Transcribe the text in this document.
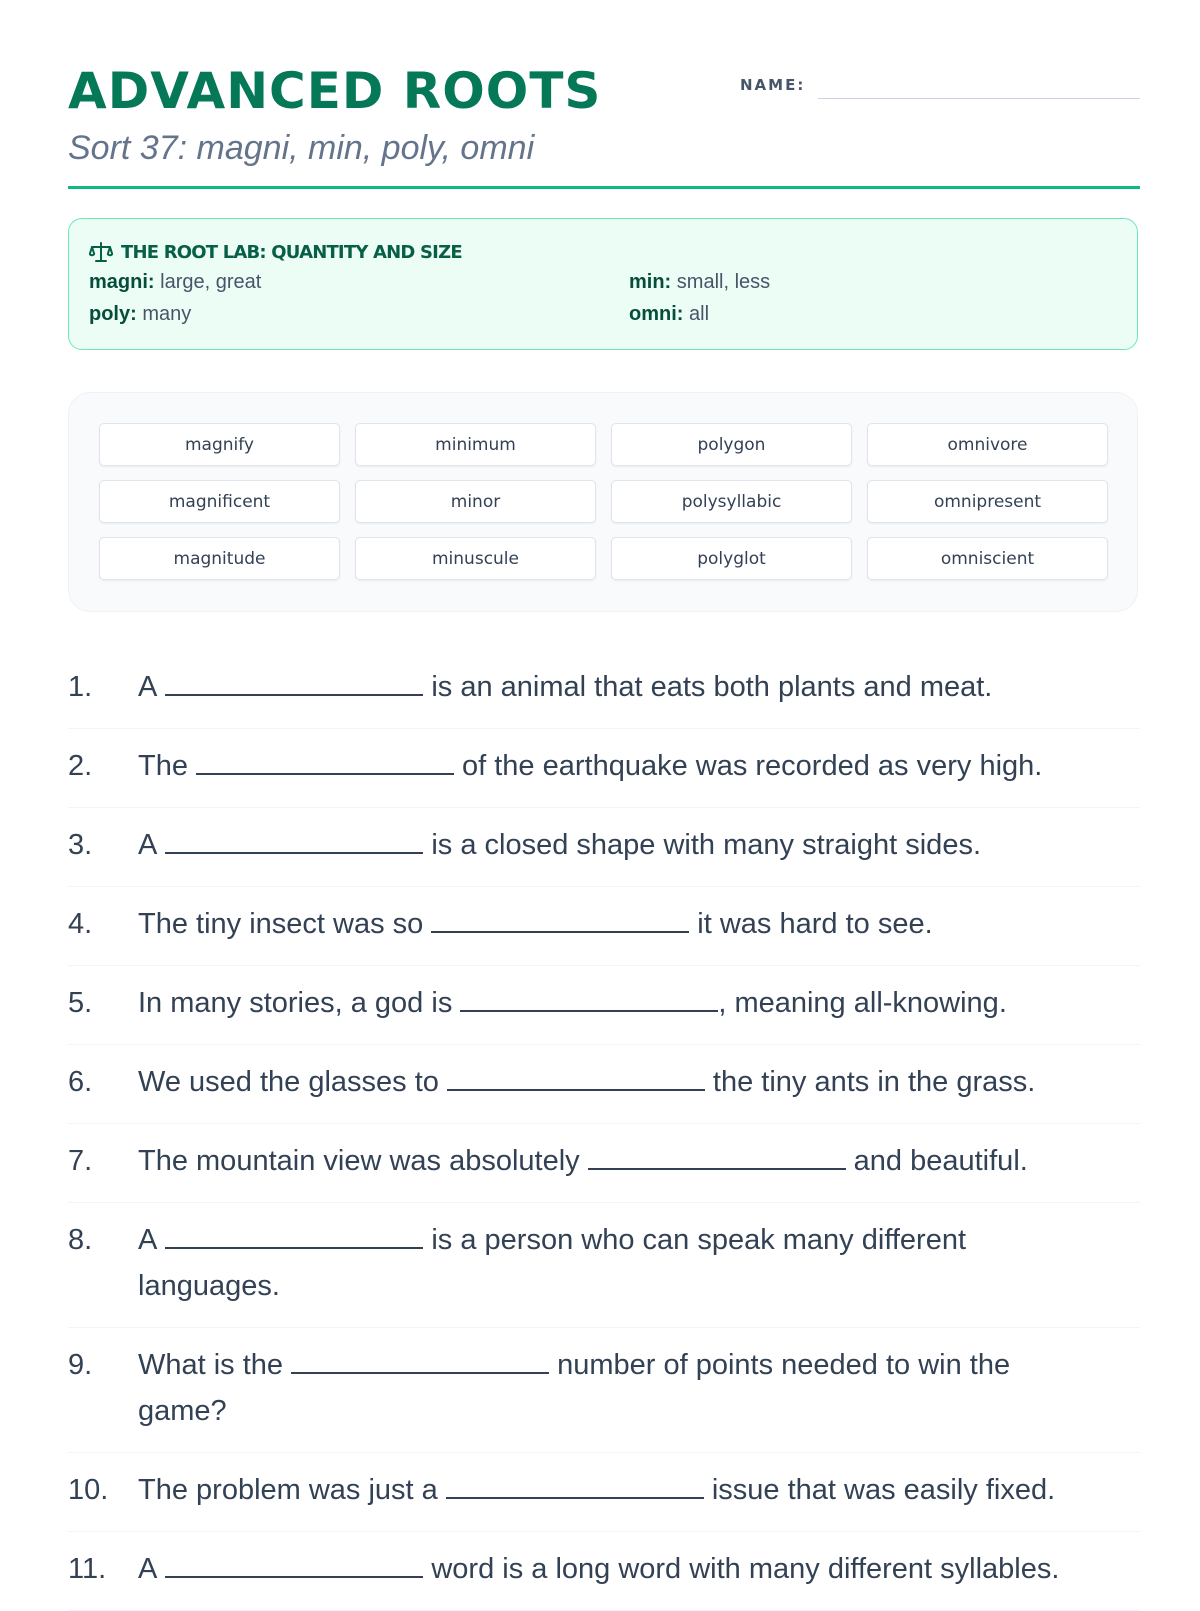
ADVANCED ROOTS

Sort 37: magni, min, poly, omni

NAME:
THE ROOT LAB: QUANTITY AND SIZE
magni: large, great	min: small, less
poly: many	omni: all
magnify	minimum	polygon	omnivore
magnificent	minor	polysyllabic	omnipresent
magnitude	minuscule	polyglot	omniscient
1.	A	is an animal that eats both plants and meat.
2.	The	of the earthquake was recorded as very high.
3.	A	is a closed shape with many straight sides.
4.	The tiny insect was so	it was hard to see.
5.	In many stories, a god is	, meaning all-knowing.
6.	We used the glasses to	the tiny ants in the grass.
7.	The mountain view was absolutely	and beautiful.
8.	A	is a person who can speak many different languages.
9.	What is the	number of points needed to win the game?
10.	The problem was just a	issue that was easily fixed.
11.	A	word is a long word with many different syllables.
